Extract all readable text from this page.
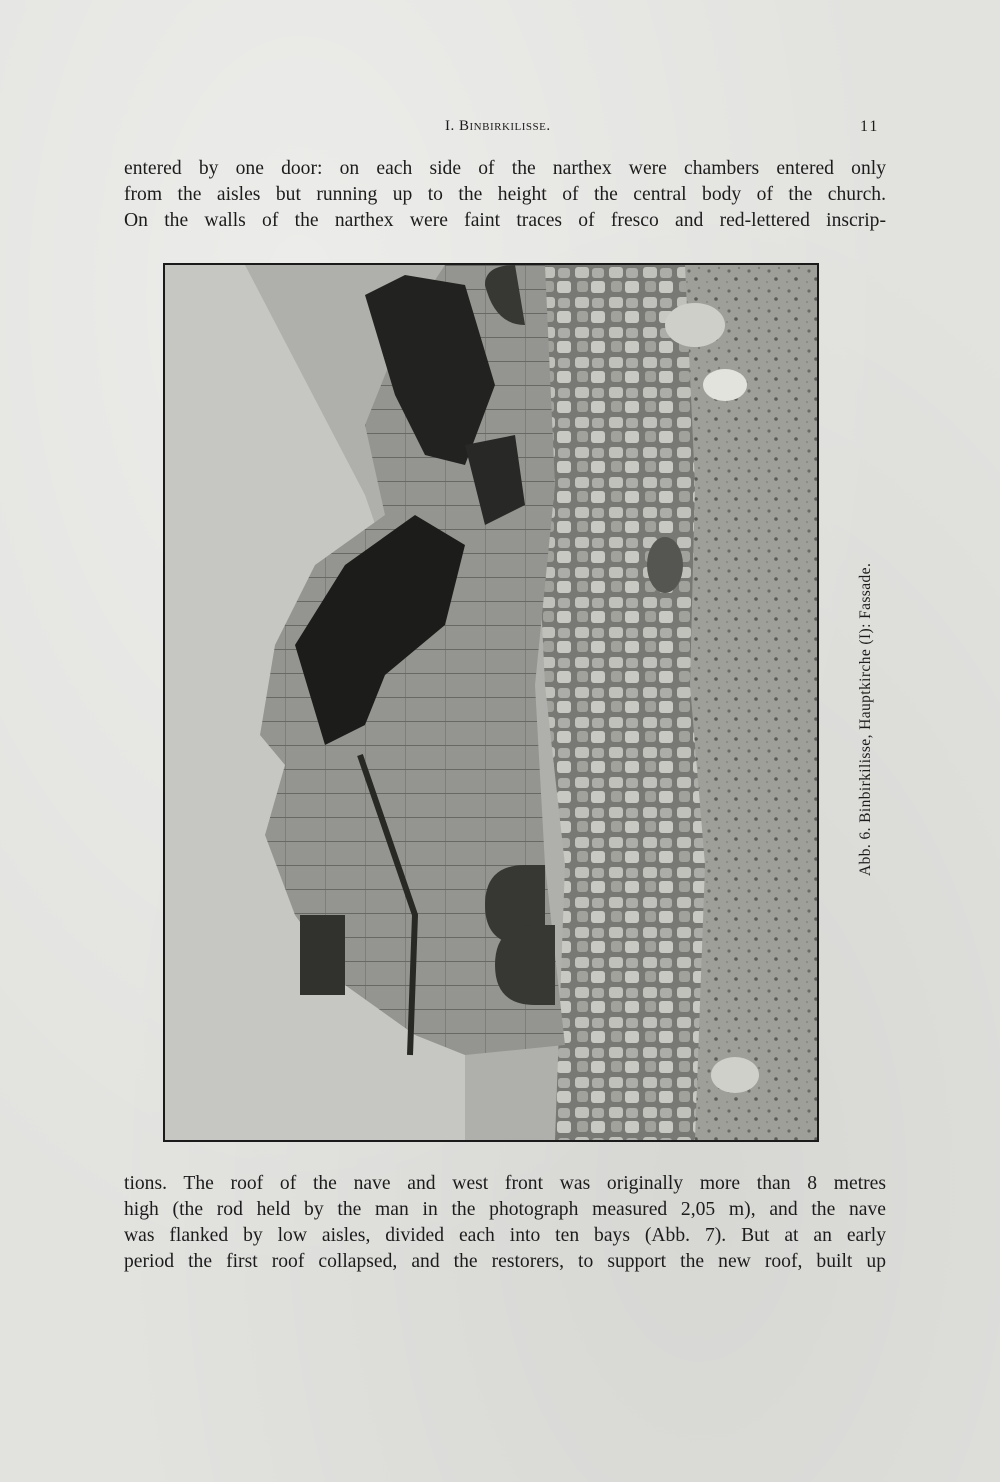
I. Binbirkilisse.	11

entered by one door: on each side of the narthex were chambers entered only
from the aisles but running up to the height of the central body of the church.
On the walls of the narthex were faint traces of fresco and red-lettered inscrip-

Abb. 6. Binbirkilisse, Hauptkirche (I): Fassade.

tions. The roof of the nave and west front was originally more than 8 metres
high (the rod held by the man in the photograph measured 2,05 m), and the nave
was flanked by low aisles, divided each into ten bays (Abb. 7). But at an early
period the first roof collapsed, and the restorers, to support the new roof, built up
